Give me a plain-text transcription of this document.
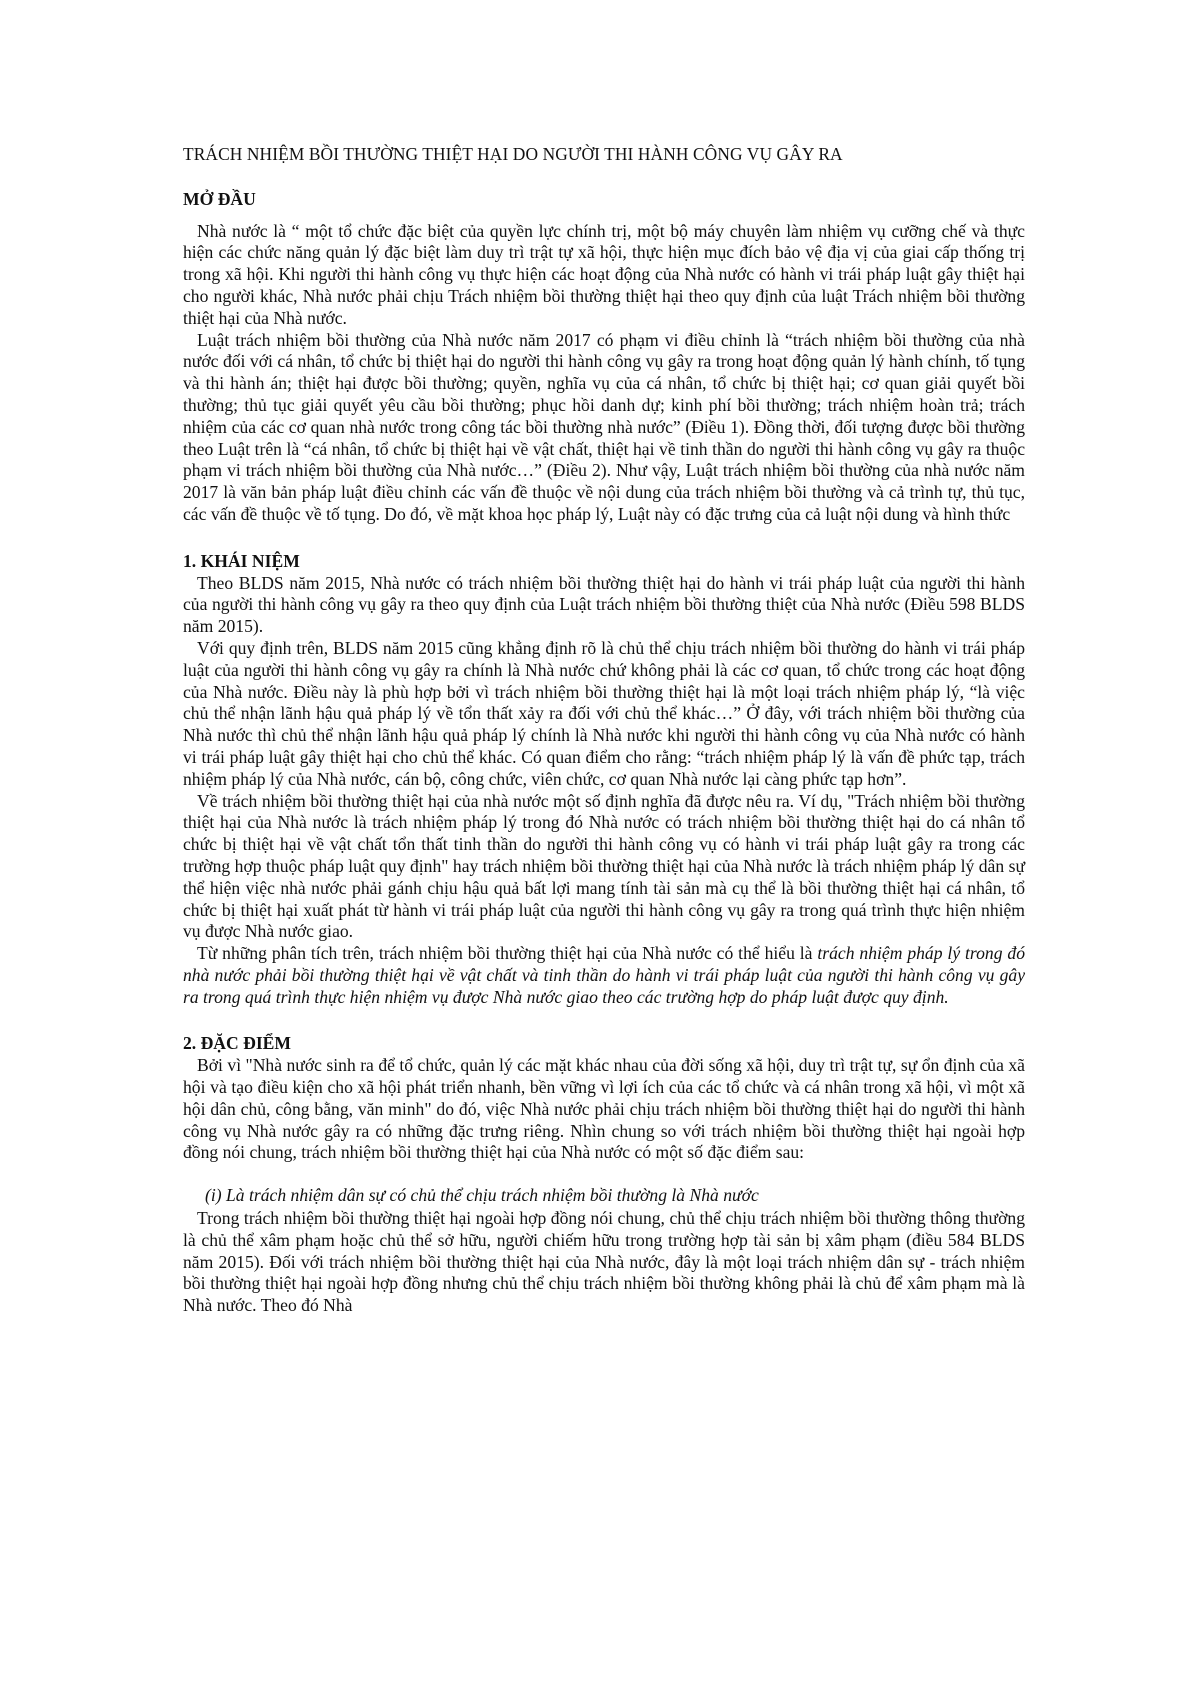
TRÁCH NHIỆM BỒI THƯỜNG THIỆT HẠI DO NGƯỜI THI HÀNH CÔNG VỤ GÂY RA
MỞ ĐẦU

Nhà nước là “ một tổ chức đặc biệt của quyền lực chính trị, một bộ máy chuyên làm nhiệm vụ cưỡng chế và thực hiện các chức năng quản lý đặc biệt làm duy trì trật tự xã hội, thực hiện mục đích bảo vệ địa vị của giai cấp thống trị trong xã hội. Khi người thi hành công vụ thực hiện các hoạt động của Nhà nước có hành vi trái pháp luật gây thiệt hại cho người khác, Nhà nước phải chịu Trách nhiệm bồi thường thiệt hại theo quy định của luật Trách nhiệm bồi thường thiệt hại của Nhà nước.

Luật trách nhiệm bồi thường của Nhà nước năm 2017 có phạm vi điều chỉnh là “trách nhiệm bồi thường của nhà nước đối với cá nhân, tổ chức bị thiệt hại do người thi hành công vụ gây ra trong hoạt động quản lý hành chính, tố tụng và thi hành án; thiệt hại được bồi thường; quyền, nghĩa vụ của cá nhân, tổ chức bị thiệt hại; cơ quan giải quyết bồi thường; thủ tục giải quyết yêu cầu bồi thường; phục hồi danh dự; kinh phí bồi thường; trách nhiệm hoàn trả; trách nhiệm của các cơ quan nhà nước trong công tác bồi thường nhà nước” (Điều 1). Đồng thời, đối tượng được bồi thường theo Luật trên là “cá nhân, tổ chức bị thiệt hại về vật chất, thiệt hại về tinh thần do người thi hành công vụ gây ra thuộc phạm vi trách nhiệm bồi thường của Nhà nước…” (Điều 2). Như vậy, Luật trách nhiệm bồi thường của nhà nước năm 2017 là văn bản pháp luật điều chỉnh các vấn đề thuộc về nội dung của trách nhiệm bồi thường và cả trình tự, thủ tục, các vấn đề thuộc về tố tụng. Do đó, về mặt khoa học pháp lý, Luật này có đặc trưng của cả luật nội dung và hình thức

1. KHÁI NIỆM

Theo BLDS năm 2015, Nhà nước có trách nhiệm bồi thường thiệt hại do hành vi trái pháp luật của người thi hành của người thi hành công vụ gây ra theo quy định của Luật trách nhiệm bồi thường thiệt của Nhà nước (Điều 598 BLDS năm 2015).

Với quy định trên, BLDS năm 2015 cũng khẳng định rõ là chủ thể chịu trách nhiệm bồi thường do hành vi trái pháp luật của người thi hành công vụ gây ra chính là Nhà nước chứ không phải là các cơ quan, tổ chức trong các hoạt động của Nhà nước. Điều này là phù hợp bởi vì trách nhiệm bồi thường thiệt hại là một loại trách nhiệm pháp lý, “là việc chủ thể nhận lãnh hậu quả pháp lý về tổn thất xảy ra đối với chủ thể khác…” Ở đây, với trách nhiệm bồi thường của Nhà nước thì chủ thể nhận lãnh hậu quả pháp lý chính là Nhà nước khi người thi hành công vụ của Nhà nước có hành vi trái pháp luật gây thiệt hại cho chủ thể khác. Có quan điểm cho rằng: “trách nhiệm pháp lý là vấn đề phức tạp, trách nhiệm pháp lý của Nhà nước, cán bộ, công chức, viên chức, cơ quan Nhà nước lại càng phức tạp hơn”.

Về trách nhiệm bồi thường thiệt hại của nhà nước một số định nghĩa đã được nêu ra. Ví dụ, "Trách nhiệm bồi thường thiệt hại của Nhà nước là trách nhiệm pháp lý trong đó Nhà nước có trách nhiệm bồi thường thiệt hại do cá nhân tổ chức bị thiệt hại về vật chất tổn thất tinh thần do người thi hành công vụ có hành vi trái pháp luật gây ra trong các trường hợp thuộc pháp luật quy định" hay trách nhiệm bồi thường thiệt hại của Nhà nước là trách nhiệm pháp lý dân sự thể hiện việc nhà nước phải gánh chịu hậu quả bất lợi mang tính tài sản mà cụ thể là bồi thường thiệt hại cá nhân, tổ chức bị thiệt hại xuất phát từ hành vi trái pháp luật của người thi hành công vụ gây ra trong quá trình thực hiện nhiệm vụ được Nhà nước giao.

Từ những phân tích trên, trách nhiệm bồi thường thiệt hại của Nhà nước có thể hiểu là trách nhiệm pháp lý trong đó nhà nước phải bồi thường thiệt hại về vật chất và tinh thần do hành vi trái pháp luật của người thi hành công vụ gây ra trong quá trình thực hiện nhiệm vụ được Nhà nước giao theo các trường hợp do pháp luật được quy định.

2. ĐẶC ĐIỂM

Bởi vì "Nhà nước sinh ra để tổ chức, quản lý các mặt khác nhau của đời sống xã hội, duy trì trật tự, sự ổn định của xã hội và tạo điều kiện cho xã hội phát triển nhanh, bền vững vì lợi ích của các tổ chức và cá nhân trong xã hội, vì một xã hội dân chủ, công bằng, văn minh" do đó, việc Nhà nước phải chịu trách nhiệm bồi thường thiệt hại do người thi hành công vụ Nhà nước gây ra có những đặc trưng riêng. Nhìn chung so với trách nhiệm bồi thường thiệt hại ngoài hợp đồng nói chung, trách nhiệm bồi thường thiệt hại của Nhà nước có một số đặc điểm sau:

(i) Là trách nhiệm dân sự có chủ thể chịu trách nhiệm bồi thường là Nhà nước

Trong trách nhiệm bồi thường thiệt hại ngoài hợp đồng nói chung, chủ thể chịu trách nhiệm bồi thường thông thường là chủ thể xâm phạm hoặc chủ thể sở hữu, người chiếm hữu trong trường hợp tài sản bị xâm phạm (điều 584 BLDS năm 2015). Đối với trách nhiệm bồi thường thiệt hại của Nhà nước, đây là một loại trách nhiệm dân sự - trách nhiệm bồi thường thiệt hại ngoài hợp đồng nhưng chủ thể chịu trách nhiệm bồi thường không phải là chủ để xâm phạm mà là Nhà nước. Theo đó Nhà
